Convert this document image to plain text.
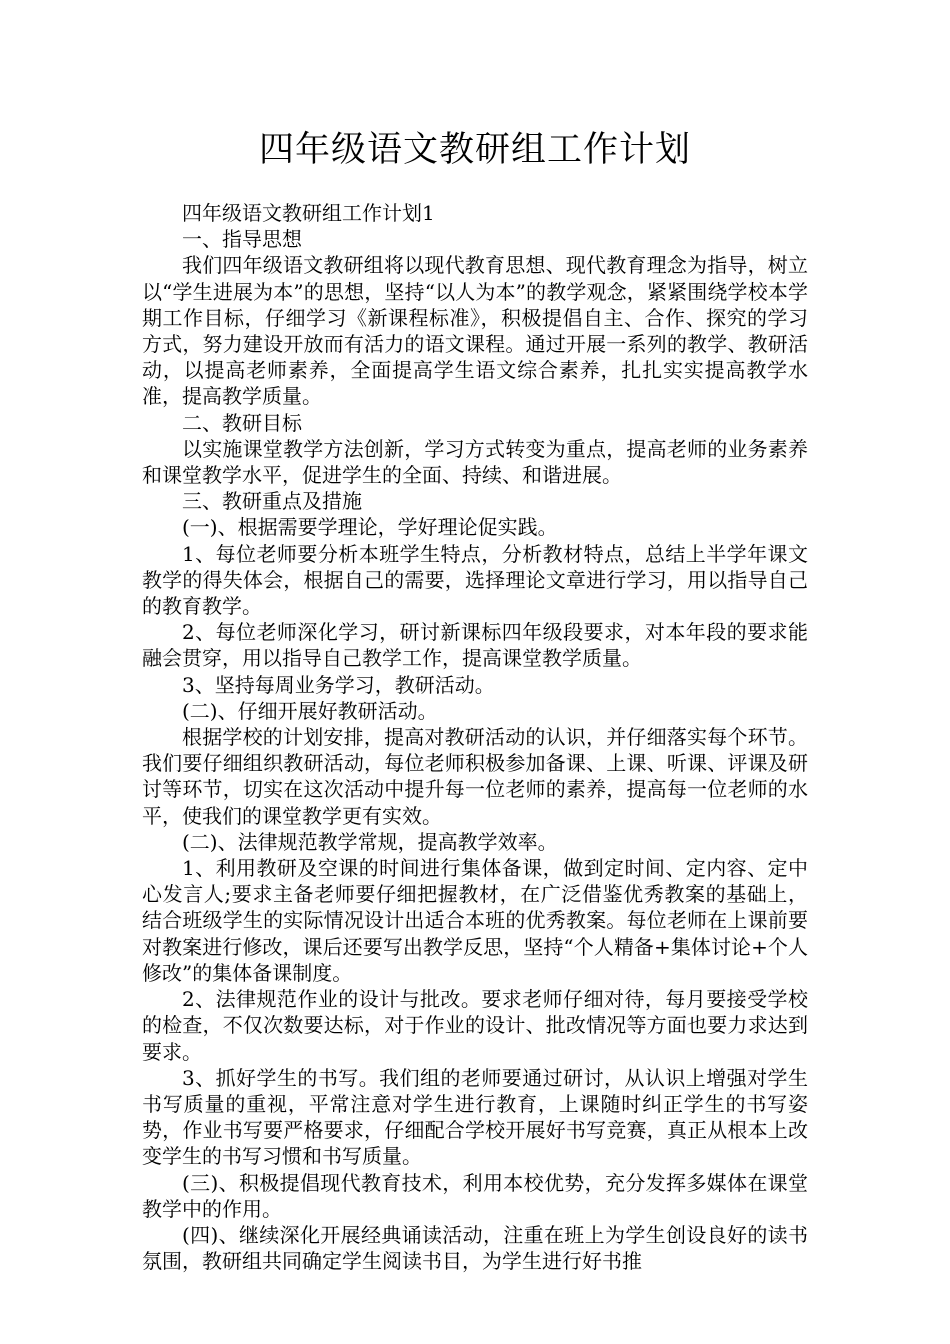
四年级语文教研组工作计划

四年级语文教研组工作计划1

一、指导思想

我们四年级语文教研组将以现代教育思想、现代教育理念为指导，树立以“学生进展为本”的思想，坚持“以人为本”的教学观念，紧紧围绕学校本学期工作目标，仔细学习《新课程标准》，积极提倡自主、合作、探究的学习方式，努力建设开放而有活力的语文课程。通过开展一系列的教学、教研活动，以提高老师素养，全面提高学生语文综合素养，扎扎实实提高教学水准，提高教学质量。

二、教研目标

以实施课堂教学方法创新，学习方式转变为重点，提高老师的业务素养和课堂教学水平，促进学生的全面、持续、和谐进展。

三、教研重点及措施

(一)、根据需要学理论，学好理论促实践。

1、每位老师要分析本班学生特点，分析教材特点，总结上半学年课文教学的得失体会，根据自己的需要，选择理论文章进行学习，用以指导自己的教育教学。

2、每位老师深化学习，研讨新课标四年级段要求，对本年段的要求能融会贯穿，用以指导自己教学工作，提高课堂教学质量。

3、坚持每周业务学习，教研活动。

(二)、仔细开展好教研活动。

根据学校的计划安排，提高对教研活动的认识，并仔细落实每个环节。我们要仔细组织教研活动，每位老师积极参加备课、上课、听课、评课及研讨等环节，切实在这次活动中提升每一位老师的素养，提高每一位老师的水平，使我们的课堂教学更有实效。

(二)、法律规范教学常规，提高教学效率。

1、利用教研及空课的时间进行集体备课，做到定时间、定内容、定中心发言人;要求主备老师要仔细把握教材，在广泛借鉴优秀教案的基础上，结合班级学生的实际情况设计出适合本班的优秀教案。每位老师在上课前要对教案进行修改，课后还要写出教学反思，坚持“个人精备+集体讨论+个人修改”的集体备课制度。

2、法律规范作业的设计与批改。要求老师仔细对待，每月要接受学校的检查，不仅次数要达标，对于作业的设计、批改情况等方面也要力求达到要求。

3、抓好学生的书写。我们组的老师要通过研讨，从认识上增强对学生书写质量的重视，平常注意对学生进行教育，上课随时纠正学生的书写姿势，作业书写要严格要求，仔细配合学校开展好书写竞赛，真正从根本上改变学生的书写习惯和书写质量。

(三)、积极提倡现代教育技术，利用本校优势，充分发挥多媒体在课堂教学中的作用。

(四)、继续深化开展经典诵读活动，注重在班上为学生创设良好的读书氛围，教研组共同确定学生阅读书目，为学生进行好书推
